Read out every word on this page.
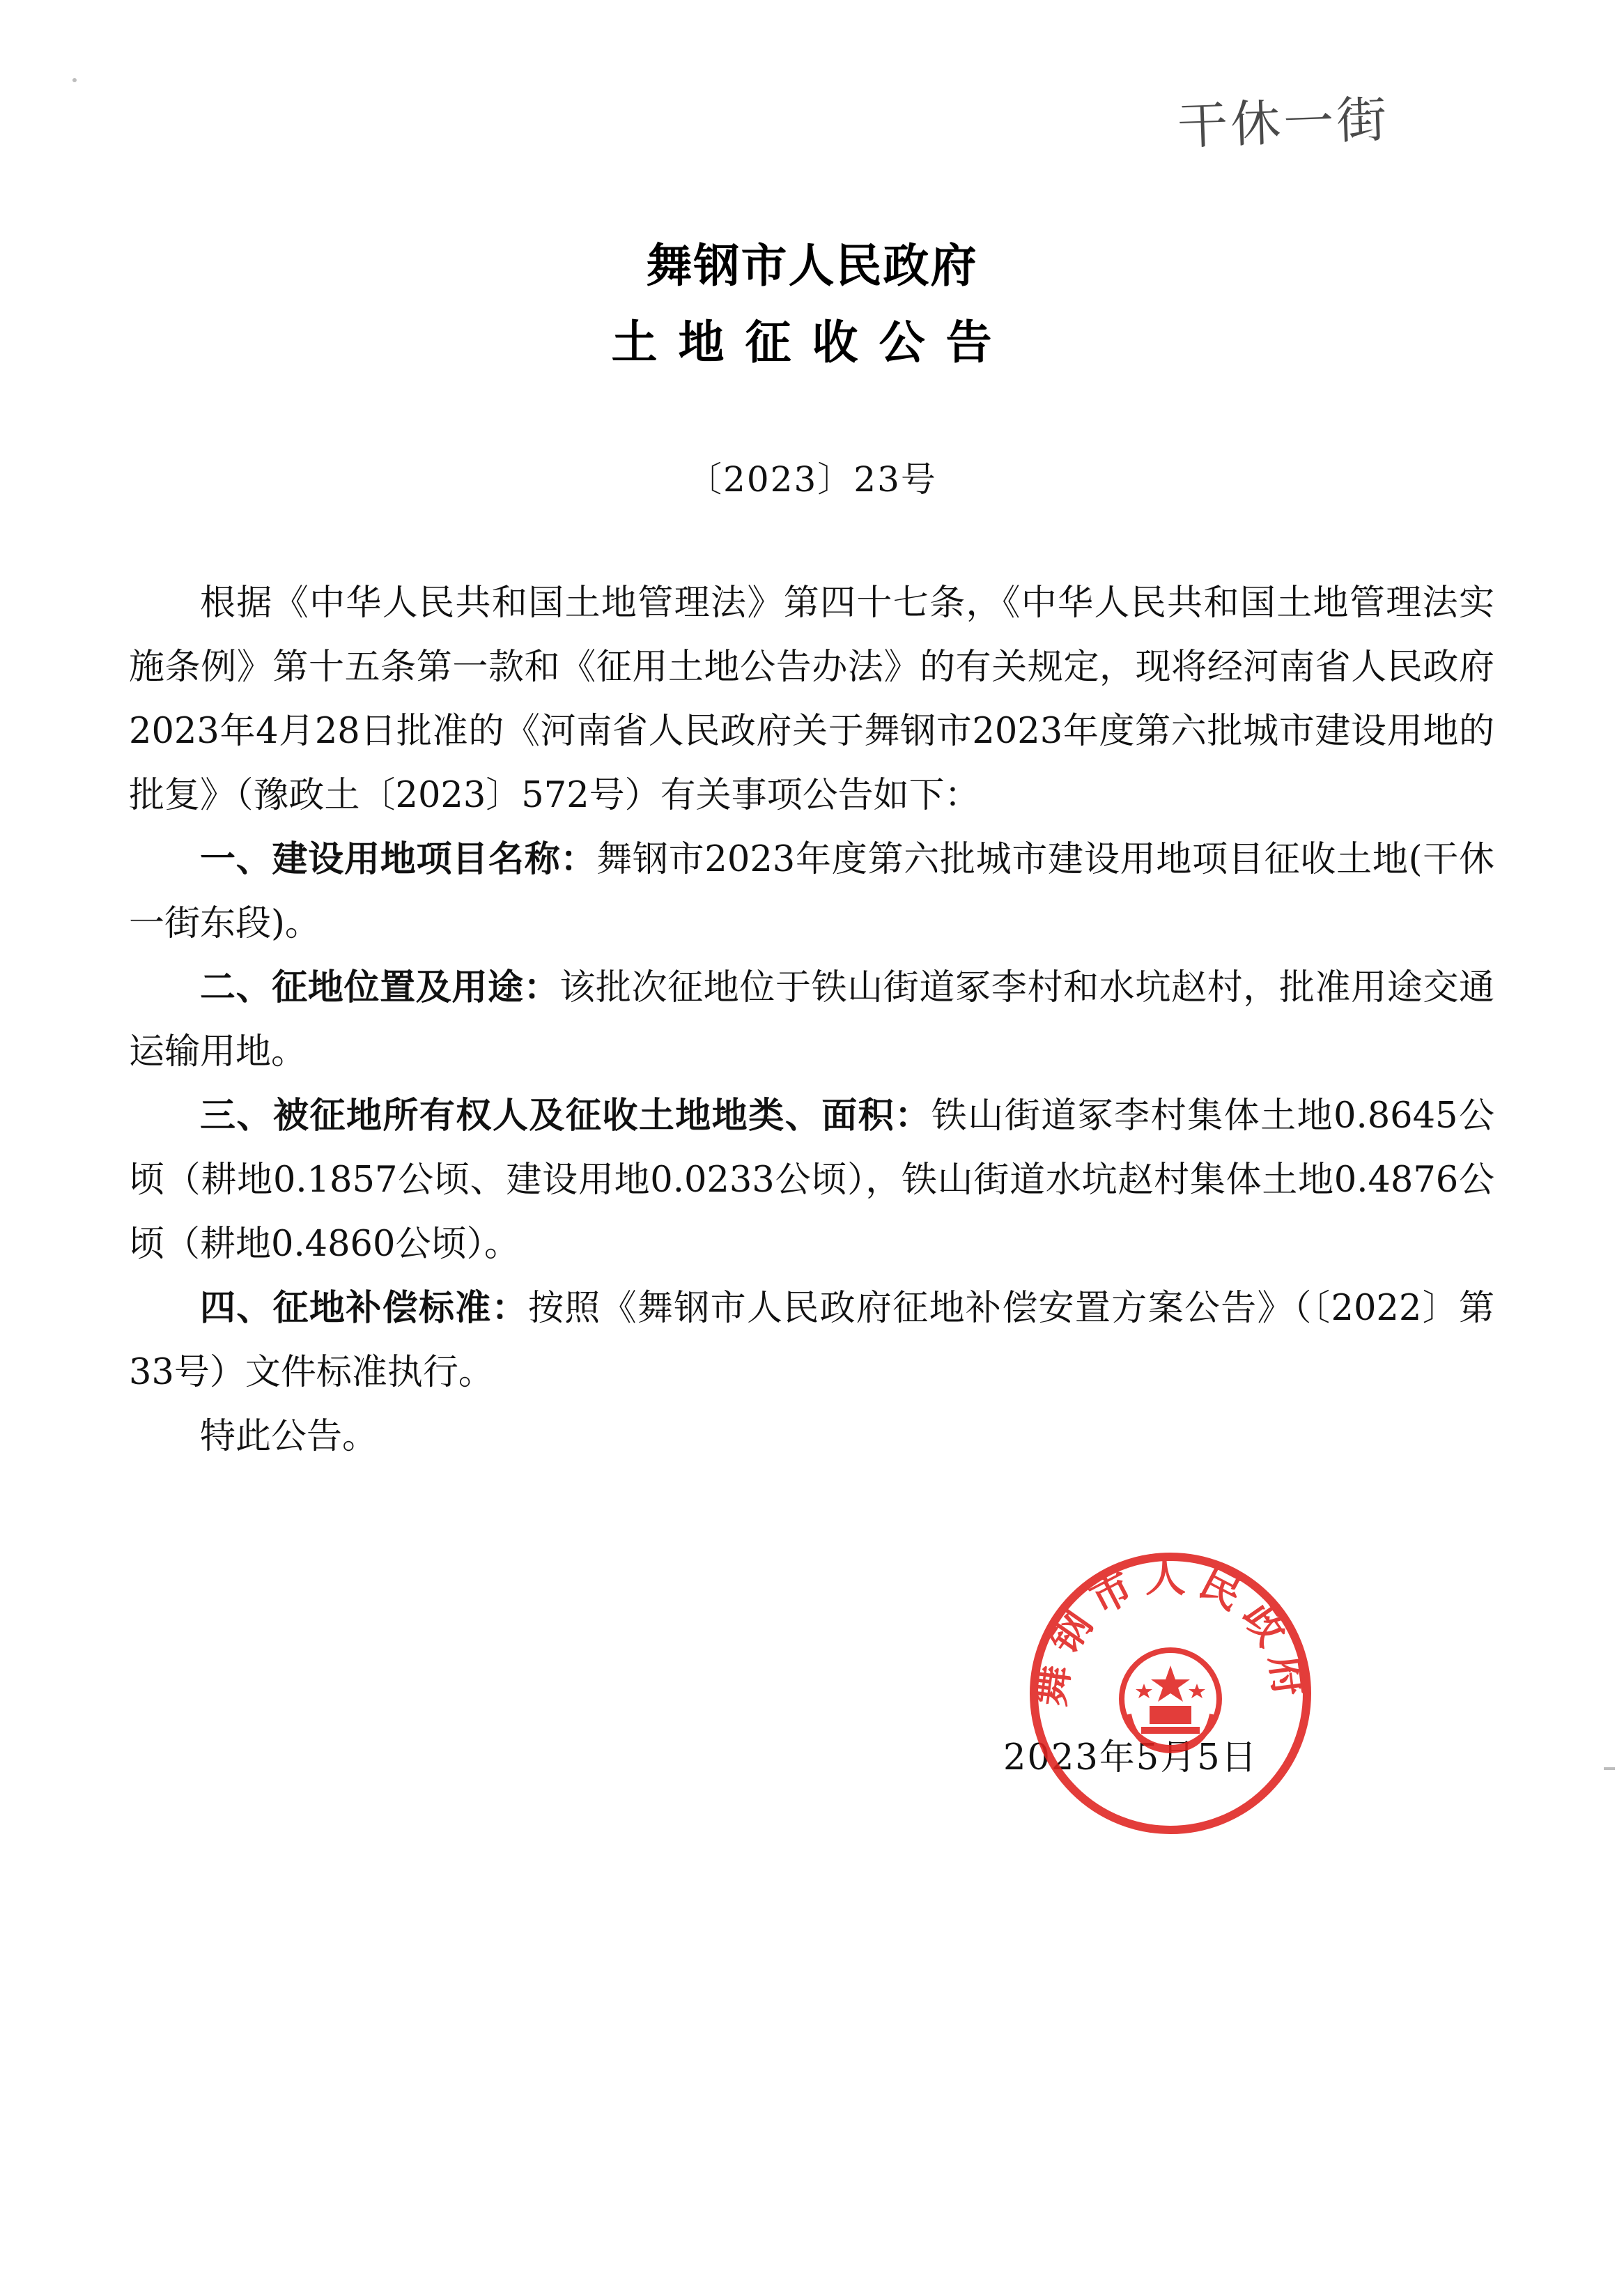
干休一街
舞钢市人民政府
土地征收公告
〔2023〕23号

根据《中华人民共和国土地管理法》第四十七条，《中华人民共和国土地管理法实施条例》第十五条第一款和《征用土地公告办法》的有关规定，现将经河南省人民政府2023年4月28日批准的《河南省人民政府关于舞钢市2023年度第六批城市建设用地的批复》（豫政土〔2023〕572号）有关事项公告如下：

一、建设用地项目名称：舞钢市2023年度第六批城市建设用地项目征收土地(干休一街东段)。

二、征地位置及用途：该批次征地位于铁山街道冢李村和水坑赵村，批准用途交通运输用地。

三、被征地所有权人及征收土地地类、面积：铁山街道冢李村集体土地0.8645公顷（耕地0.1857公顷、建设用地0.0233公顷），铁山街道水坑赵村集体土地0.4876公顷（耕地0.4860公顷）。

四、征地补偿标准：按照《舞钢市人民政府征地补偿安置方案公告》（〔2022〕第33号）文件标准执行。

特此公告。

2023年5月5日
舞钢市人民政府
